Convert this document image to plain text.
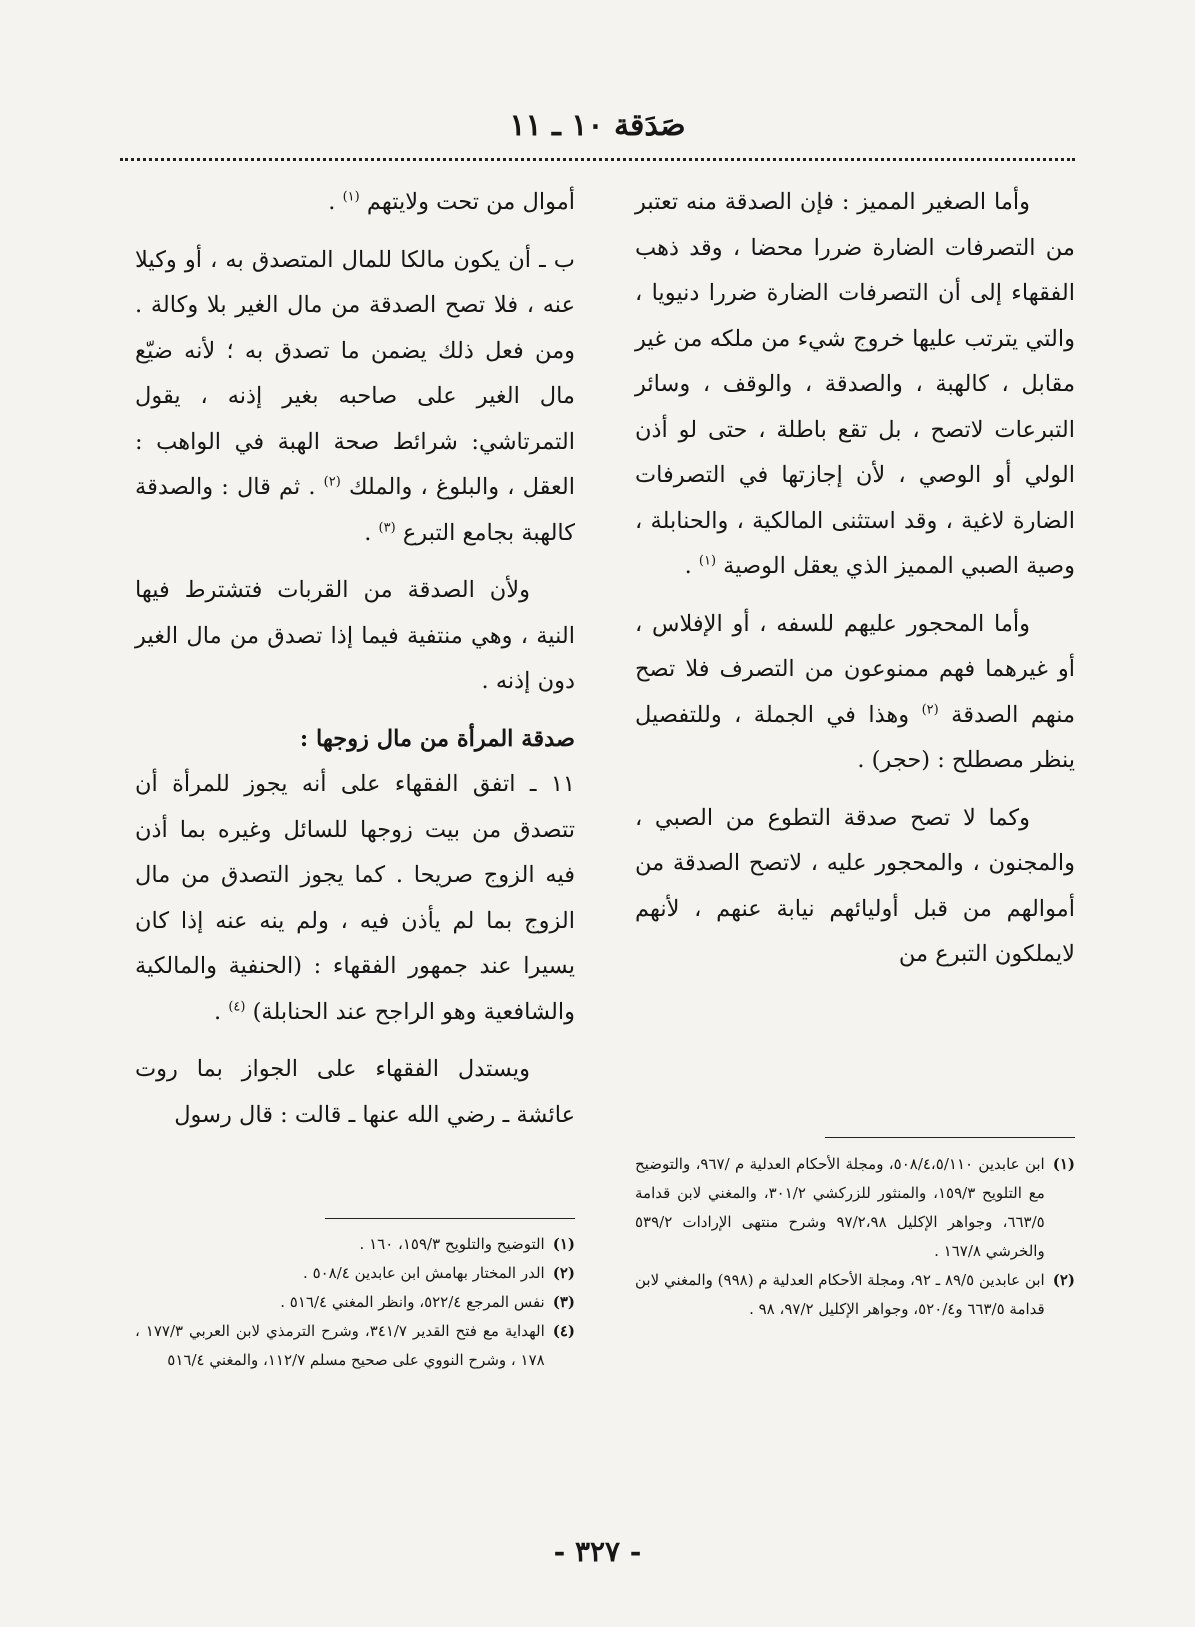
صَدَقة ١٠ ـ ١١

وأما الصغير المميز : فإن الصدقة منه تعتبر من التصرفات الضارة ضررا محضا ، وقد ذهب الفقهاء إلى أن التصرفات الضارة ضررا دنيويا ، والتي يترتب عليها خروج شيء من ملكه من غير مقابل ، كالهبة ، والصدقة ، والوقف ، وسائر التبرعات لاتصح ، بل تقع باطلة ، حتى لو أذن الولي أو الوصي ، لأن إجازتها في التصرفات الضارة لاغية ، وقد استثنى المالكية ، والحنابلة ، وصية الصبي المميز الذي يعقل الوصية $^{(١)}$ .

وأما المحجور عليهم للسفه ، أو الإفلاس ، أو غيرهما فهم ممنوعون من التصرف فلا تصح منهم الصدقة $^{(٢)}$ وهذا في الجملة ، وللتفصيل ينظر مصطلح : (حجر) .

وكما لا تصح صدقة التطوع من الصبي ، والمجنون ، والمحجور عليه ، لاتصح الصدقة من أموالهم من قبل أوليائهم نيابة عنهم ، لأنهم لايملكون التبرع من

أموال من تحت ولايتهم $^{(١)}$ .

ب ـ أن يكون مالكا للمال المتصدق به ، أو وكيلا عنه ، فلا تصح الصدقة من مال الغير بلا وكالة . ومن فعل ذلك يضمن ما تصدق به ؛ لأنه ضيّع مال الغير على صاحبه بغير إذنه ، يقول التمرتاشي: شرائط صحة الهبة في الواهب : العقل ، والبلوغ ، والملك $^{(٢)}$ . ثم قال : والصدقة كالهبة بجامع التبرع $^{(٣)}$ .

ولأن الصدقة من القربات فتشترط فيها النية ، وهي منتفية فيما إذا تصدق من مال الغير دون إذنه .

صدقة المرأة من مال زوجها :

١١ ـ اتفق الفقهاء على أنه يجوز للمرأة أن تتصدق من بيت زوجها للسائل وغيره بما أذن فيه الزوج صريحا . كما يجوز التصدق من مال الزوج بما لم يأذن فيه ، ولم ينه عنه إذا كان يسيرا عند جمهور الفقهاء : (الحنفية والمالكية والشافعية وهو الراجح عند الحنابلة) $^{(٤)}$ .

ويستدل الفقهاء على الجواز بما روت عائشة ـ رضي الله عنها ـ قالت : قال رسول

(١)
ابن عابدين ٥٠٨/٤،٥/١١٠، ومجلة الأحكام العدلية م /٩٦٧، والتوضيح مع التلويح ١٥٩/٣، والمنثور للزركشي ٣٠١/٢، والمغني لابن قدامة ٦٦٣/٥، وجواهر الإكليل ٩٧/٢،٩٨ وشرح منتهى الإرادات ٥٣٩/٢ والخرشي ١٦٧/٨ .
(٢)
ابن عابدين ٨٩/٥ ـ ٩٢، ومجلة الأحكام العدلية م (٩٩٨) والمغني لابن قدامة ٦٦٣/٥ و٥٢٠/٤، وجواهر الإكليل ٩٧/٢، ٩٨ .
(١)
التوضيح والتلويح ١٥٩/٣، ١٦٠ .
(٢)
الدر المختار بهامش ابن عابدين ٥٠٨/٤ .
(٣)
نفس المرجع ٥٢٢/٤، وانظر المغني ٥١٦/٤ .
(٤)
الهداية مع فتح القدير ٣٤١/٧، وشرح الترمذي لابن العربي ١٧٧/٣ ، ١٧٨ ، وشرح النووي على صحيح مسلم ١١٢/٧، والمغني ٥١٦/٤

- ٣٢٧ -
